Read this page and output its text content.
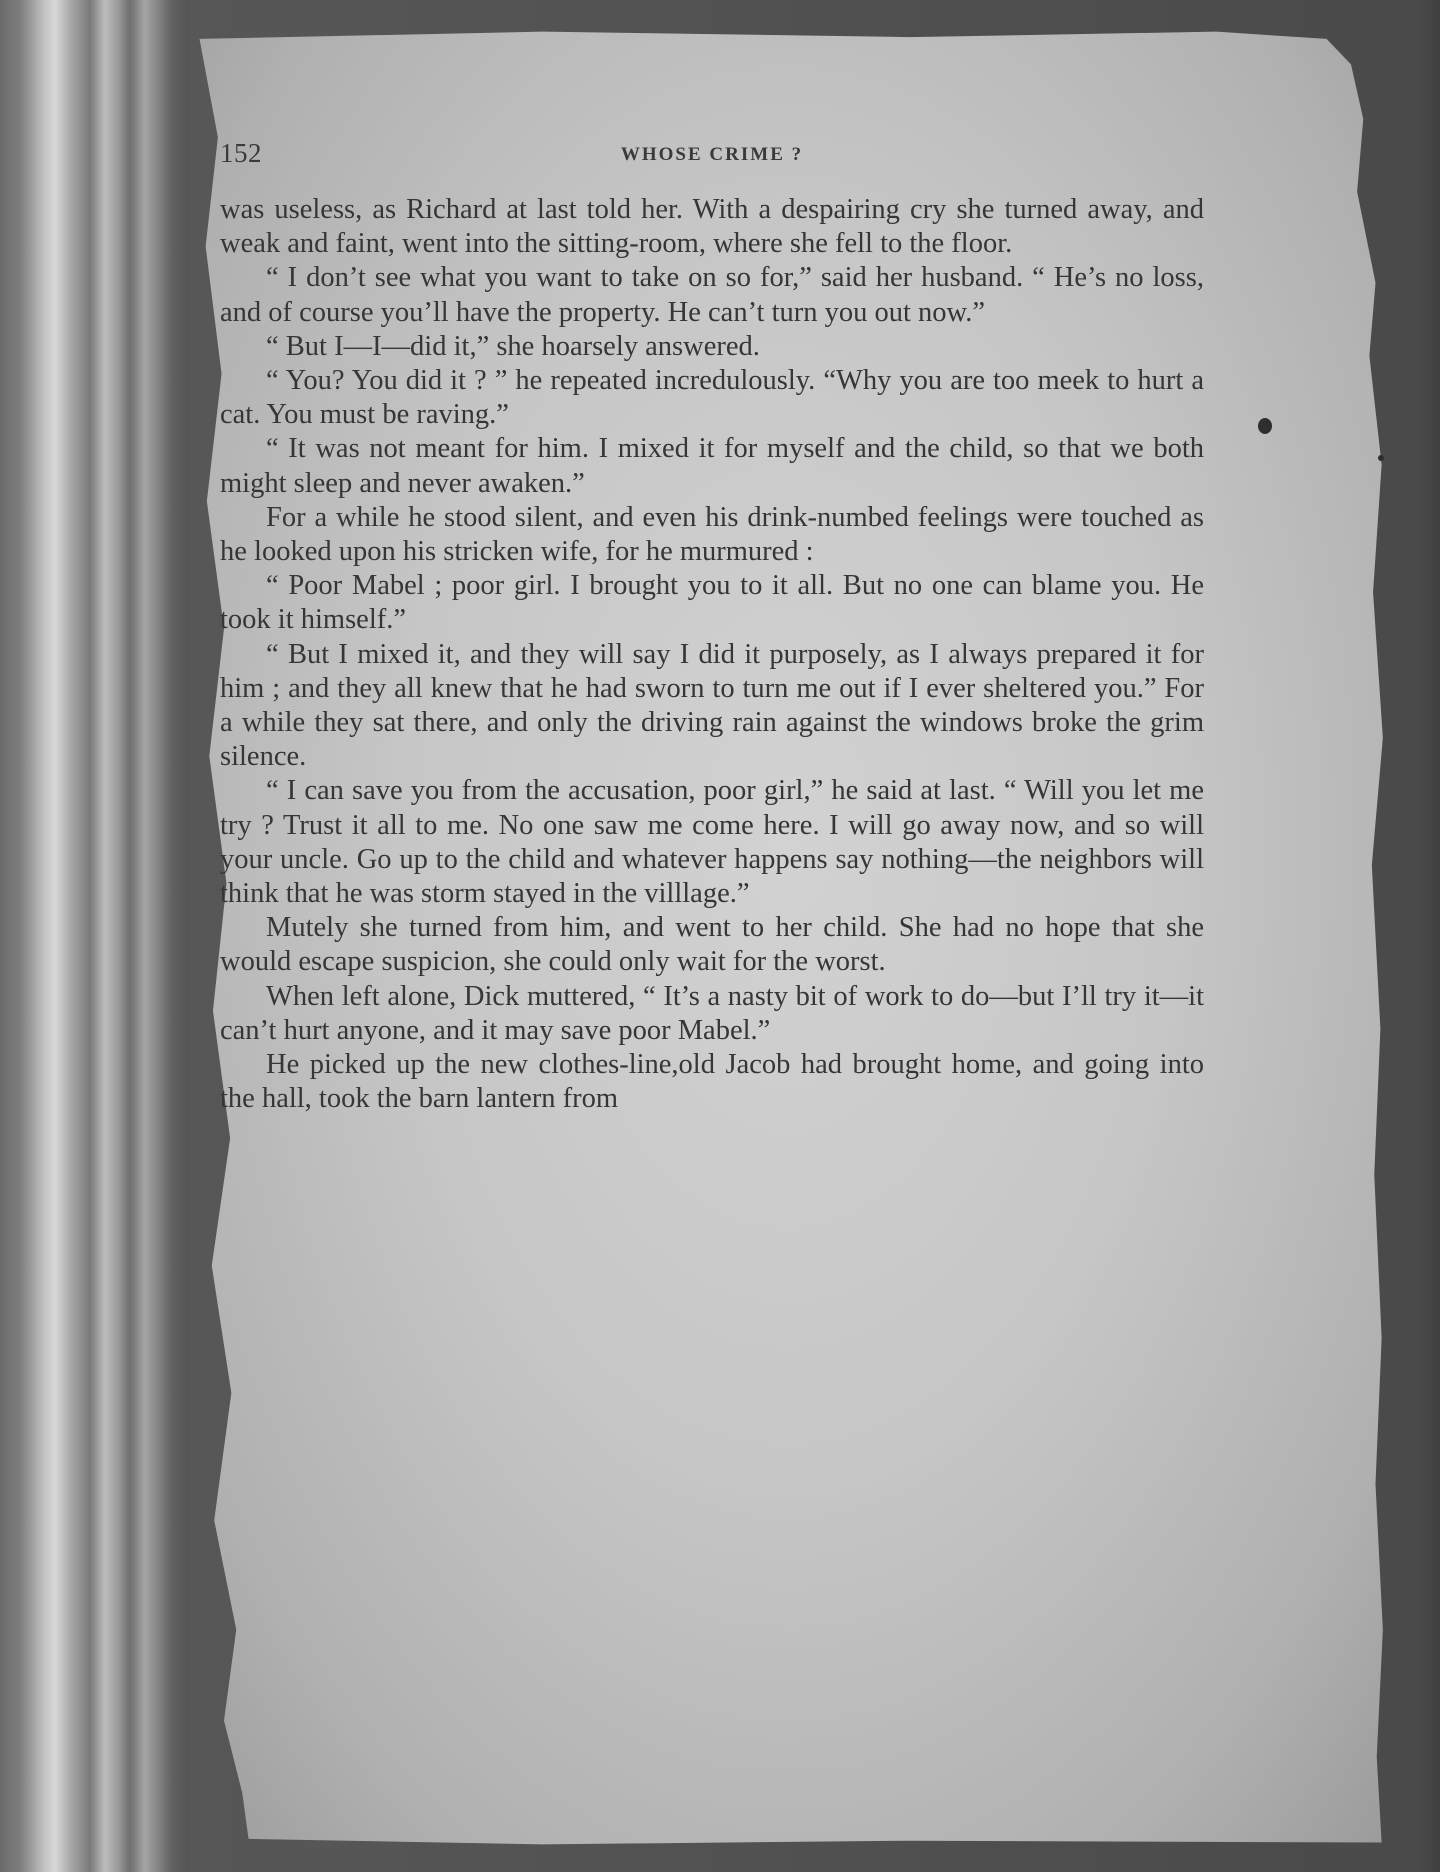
152	WHOSE CRIME ?

was useless, as Richard at last told her. With a despairing cry she turned away, and weak and faint, went into the sitting-room, where she fell to the floor.

“ I don’t see what you want to take on so for,” said her husband. “ He’s no loss, and of course you’ll have the property. He can’t turn you out now.”

“ But I—I—did it,” she hoarsely answered.

“ You? You did it ? ” he repeated incredulously. “Why you are too meek to hurt a cat. You must be raving.”

“ It was not meant for him. I mixed it for myself and the child, so that we both might sleep and never awaken.”

For a while he stood silent, and even his drink-numbed feelings were touched as he looked upon his stricken wife, for he murmured :

“ Poor Mabel ; poor girl. I brought you to it all. But no one can blame you. He took it himself.”

“ But I mixed it, and they will say I did it purposely, as I always prepared it for him ; and they all knew that he had sworn to turn me out if I ever sheltered you.” For a while they sat there, and only the driving rain against the windows broke the grim silence.

“ I can save you from the accusation, poor girl,” he said at last. “ Will you let me try ? Trust it all to me. No one saw me come here. I will go away now, and so will your uncle. Go up to the child and whatever happens say nothing—the neighbors will think that he was storm stayed in the villlage.”

Mutely she turned from him, and went to her child. She had no hope that she would escape suspicion, she could only wait for the worst.

When left alone, Dick muttered, “ It’s a nasty bit of work to do—but I’ll try it—it can’t hurt anyone, and it may save poor Mabel.”

He picked up the new clothes-line,old Jacob had brought home, and going into the hall, took the barn lantern from
